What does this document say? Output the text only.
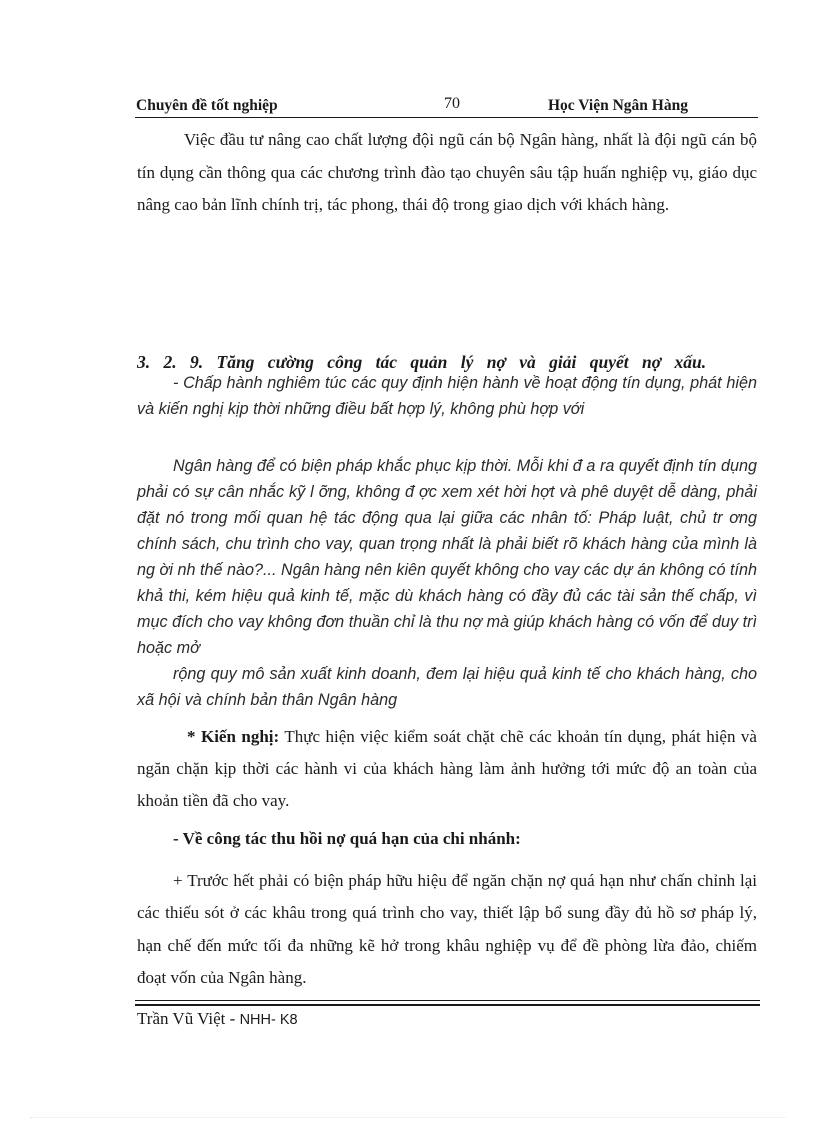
Chuyên đề tốt nghiệp	70	Học Viện Ngân Hàng

Việc đầu tư nâng cao chất lượng đội ngũ cán bộ Ngân hàng, nhất là đội ngũ cán bộ tín dụng cần thông qua các chương trình đào tạo chuyên sâu tập huấn nghiệp vụ, giáo dục nâng cao bản lĩnh chính trị, tác phong, thái độ trong giao dịch với khách hàng.

3. 2. 9. Tăng cường công tác quản lý nợ và giải quyết nợ xấu.

- Chấp hành nghiêm túc các quy định hiện hành về hoạt động tín dụng, phát hiện và kiến nghị kịp thời những điều bất hợp lý, không phù hợp với

Ngân hàng để có biện pháp khắc phục kịp thời. Mỗi khi đ a ra quyết định tín dụng phải có sự cân nhắc kỹ l ỡng, không đ ợc xem xét hời hợt và phê duyệt dễ dàng, phải đặt nó trong mối quan hệ tác động qua lại giữa các nhân tố: Pháp luật, chủ tr ơng chính sách, chu trình cho vay, quan trọng nhất là phải biết rõ khách hàng của mình là ng ời nh thế nào?... Ngân hàng nên kiên quyết không cho vay các dự án không có tính khả thi, kém hiệu quả kinh tế, mặc dù khách hàng có đầy đủ các tài sản thế chấp, vì mục đích cho vay không đơn thuần chỉ là thu nợ mà giúp khách hàng có vốn để duy trì hoặc mở

rộng quy mô sản xuất kinh doanh, đem lại hiệu quả kinh tế cho khách hàng, cho xã hội và chính bản thân Ngân hàng

* Kiến nghị: Thực hiện việc kiểm soát chặt chẽ các khoản tín dụng, phát hiện và ngăn chặn kịp thời các hành vi của khách hàng làm ảnh hưởng tới mức độ an toàn của khoản tiền đã cho vay.

- Về công tác thu hồi nợ quá hạn của chi nhánh:

+ Trước hết phải có biện pháp hữu hiệu để ngăn chặn nợ quá hạn như chấn chỉnh lại các thiếu sót ở các khâu trong quá trình cho vay, thiết lập bổ sung đầy đủ hồ sơ pháp lý, hạn chế đến mức tối đa những kẽ hở trong khâu nghiệp vụ để đề phòng lừa đảo, chiếm đoạt vốn của Ngân hàng.

Trần Vũ Việt - NHH- K8
